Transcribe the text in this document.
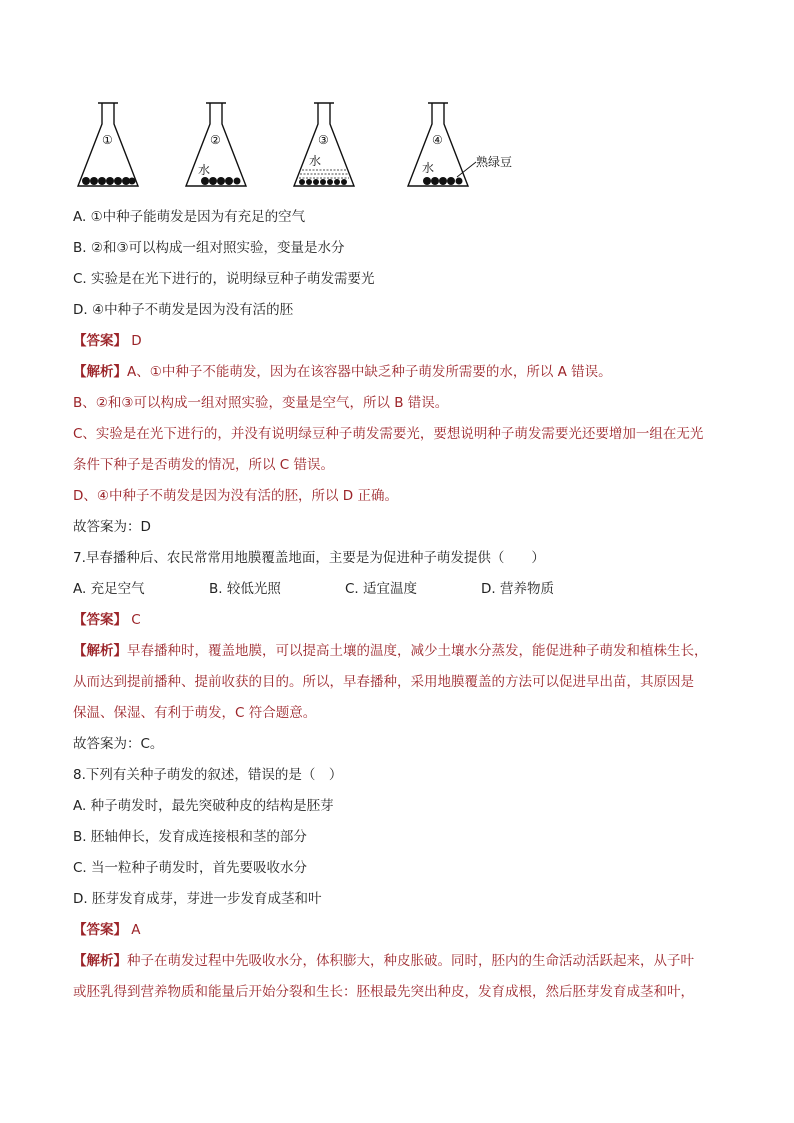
①	②
水
③
水
④
水	熟绿豆
A. ①中种子能萌发是因为有充足的空气
B. ②和③可以构成一组对照实验，变量是水分
C. 实验是在光下进行的，说明绿豆种子萌发需要光
D. ④中种子不萌发是因为没有活的胚
【答案】 D
【解析】A、①中种子不能萌发，因为在该容器中缺乏种子萌发所需要的水，所以 A 错误。
B、②和③可以构成一组对照实验，变量是空气，所以 B 错误。
C、实验是在光下进行的，并没有说明绿豆种子萌发需要光，要想说明种子萌发需要光还要增加一组在无光
条件下种子是否萌发的情况，所以 C 错误。
D、④中种子不萌发是因为没有活的胚，所以 D 正确。
故答案为：D
7.早春播种后、农民常常用地膜覆盖地面，主要是为促进种子萌发提供（　　）
A. 充足空气	B. 较低光照	C. 适宜温度	D. 营养物质
【答案】 C
【解析】早春播种时，覆盖地膜，可以提高土壤的温度，减少土壤水分蒸发，能促进种子萌发和植株生长，
从而达到提前播种、提前收获的目的。所以，早春播种，采用地膜覆盖的方法可以促进早出苗，其原因是
保温、保湿、有利于萌发，C 符合题意。
故答案为：C。
8.下列有关种子萌发的叙述，错误的是（　）
A. 种子萌发时，最先突破种皮的结构是胚芽
B. 胚轴伸长，发育成连接根和茎的部分
C. 当一粒种子萌发时，首先要吸收水分
D. 胚芽发育成芽，芽进一步发育成茎和叶
【答案】 A
【解析】种子在萌发过程中先吸收水分，体积膨大，种皮胀破。同时，胚内的生命活动活跃起来，从子叶
或胚乳得到营养物质和能量后开始分裂和生长：胚根最先突出种皮，发育成根，然后胚芽发育成茎和叶，
